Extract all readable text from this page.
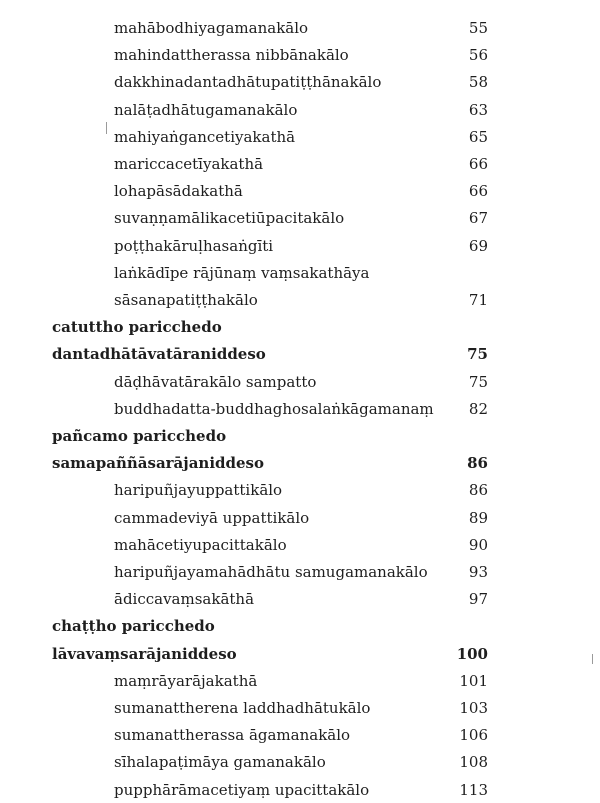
mahābodhiyagamanakālo	55
mahindattherassa nibbānakālo	56
dakkhinadantadhātupatiṭṭhānakālo	58
nalāṭadhātugamanakālo	63
mahiyaṅgancetiyakathā	65
mariccacetīyakathā	66
lohapāsādakathā	66
suvaṇṇamālikacetiūpacitakālo	67
poṭṭhakāruḷhasaṅgīti	69
laṅkādīpe rājūnaṃ vaṃsakathāya
sāsanapatiṭṭhakālo	71
catuttho paricchedo
dantadhātāvatāraniddeso	75
dāḍhāvatārakālo sampatto	75
buddhadatta-buddhaghosalaṅkāgamanaṃ 82
pañcamo paricchedo
samapaññāsarājaniddeso	86
haripuñjayuppattikālo	86
cammadeviyā uppattikālo	89
mahācetiyupacittakālo	90
haripuñjayamahādhātu samugamanakālo	93
ādiccavaṃsakāthā	97
chaṭṭho paricchedo
lāvavaṃsarājaniddeso	100
maṃrāyarājakathā	101
sumanattherena laddhadhātukālo	103
sumanattherassa āgamanakālo	106
sīhalapaṭimāya gamanakālo	108
pupphārāmacetiyaṃ upacittakālo	113
